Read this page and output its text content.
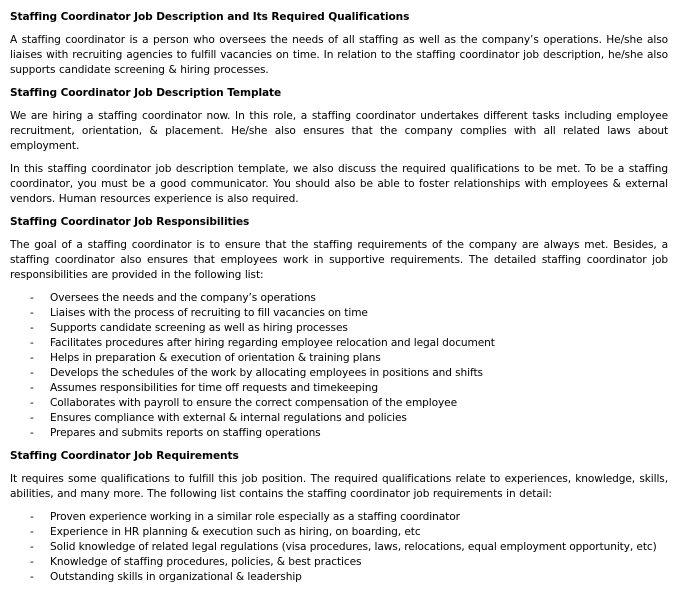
Staffing Coordinator Job Description and Its Required Qualifications
A staffing coordinator is a person who oversees the needs of all staffing as well as the company’s operations. He/she also liaises with recruiting agencies to fulfill vacancies on time. In relation to the staffing coordinator job description, he/she also supports candidate screening & hiring processes.
Staffing Coordinator Job Description Template
We are hiring a staffing coordinator now. In this role, a staffing coordinator undertakes different tasks including employee recruitment, orientation, & placement. He/she also ensures that the company complies with all related laws about employment.
In this staffing coordinator job description template, we also discuss the required qualifications to be met. To be a staffing coordinator, you must be a good communicator. You should also be able to foster relationships with employees & external vendors. Human resources experience is also required.
Staffing Coordinator Job Responsibilities
The goal of a staffing coordinator is to ensure that the staffing requirements of the company are always met. Besides, a staffing coordinator also ensures that employees work in supportive requirements. The detailed staffing coordinator job responsibilities are provided in the following list:
- Oversees the needs and the company’s operations
- Liaises with the process of recruiting to fill vacancies on time
- Supports candidate screening as well as hiring processes
- Facilitates procedures after hiring regarding employee relocation and legal document
- Helps in preparation & execution of orientation & training plans
- Develops the schedules of the work by allocating employees in positions and shifts
- Assumes responsibilities for time off requests and timekeeping
- Collaborates with payroll to ensure the correct compensation of the employee
- Ensures compliance with external & internal regulations and policies
- Prepares and submits reports on staffing operations
Staffing Coordinator Job Requirements
It requires some qualifications to fulfill this job position. The required qualifications relate to experiences, knowledge, skills, abilities, and many more. The following list contains the staffing coordinator job requirements in detail:
- Proven experience working in a similar role especially as a staffing coordinator
- Experience in HR planning & execution such as hiring, on boarding, etc
- Solid knowledge of related legal regulations (visa procedures, laws, relocations, equal employment opportunity, etc)
- Knowledge of staffing procedures, policies, & best practices
- Outstanding skills in organizational & leadership
